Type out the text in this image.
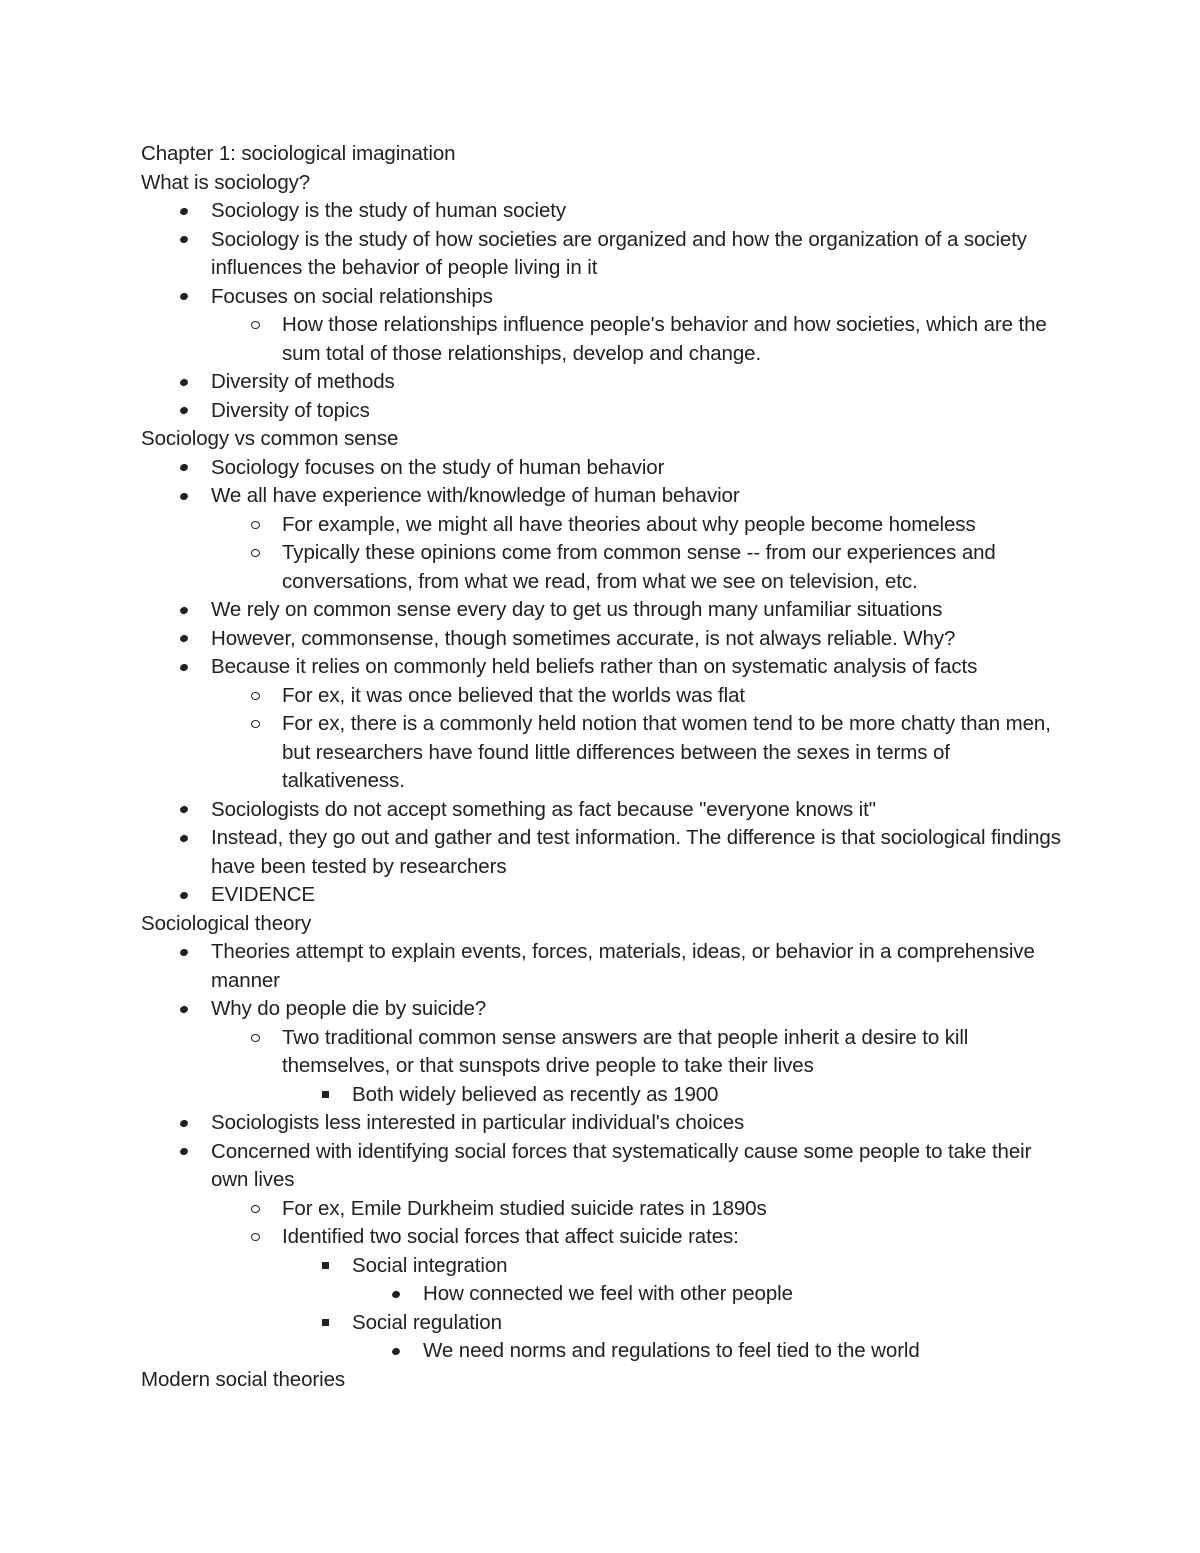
Chapter 1: sociological imagination

What is sociology?

Sociology is the study of human society
Sociology is the study of how societies are organized and how the organization of a society influences the behavior of people living in it
Focuses on social relationships
How those relationships influence people's behavior and how societies, which are the sum total of those relationships, develop and change.
Diversity of methods
Diversity of topics

Sociology vs common sense

Sociology focuses on the study of human behavior
We all have experience with/knowledge of human behavior
For example, we might all have theories about why people become homeless
Typically these opinions come from common sense -- from our experiences and conversations, from what we read, from what we see on television, etc.
We rely on common sense every day to get us through many unfamiliar situations
However, commonsense, though sometimes accurate, is not always reliable. Why?
Because it relies on commonly held beliefs rather than on systematic analysis of facts
For ex, it was once believed that the worlds was flat
For ex, there is a commonly held notion that women tend to be more chatty than men, but researchers have found little differences between the sexes in terms of talkativeness.
Sociologists do not accept something as fact because "everyone knows it"
Instead, they go out and gather and test information. The difference is that sociological findings have been tested by researchers
EVIDENCE

Sociological theory

Theories attempt to explain events, forces, materials, ideas, or behavior in a comprehensive manner
Why do people die by suicide?
Two traditional common sense answers are that people inherit a desire to kill themselves, or that sunspots drive people to take their lives
Both widely believed as recently as 1900
Sociologists less interested in particular individual's choices
Concerned with identifying social forces that systematically cause some people to take their own lives
For ex, Emile Durkheim studied suicide rates in 1890s
Identified two social forces that affect suicide rates:
Social integration
How connected we feel with other people
Social regulation
We need norms and regulations to feel tied to the world

Modern social theories
